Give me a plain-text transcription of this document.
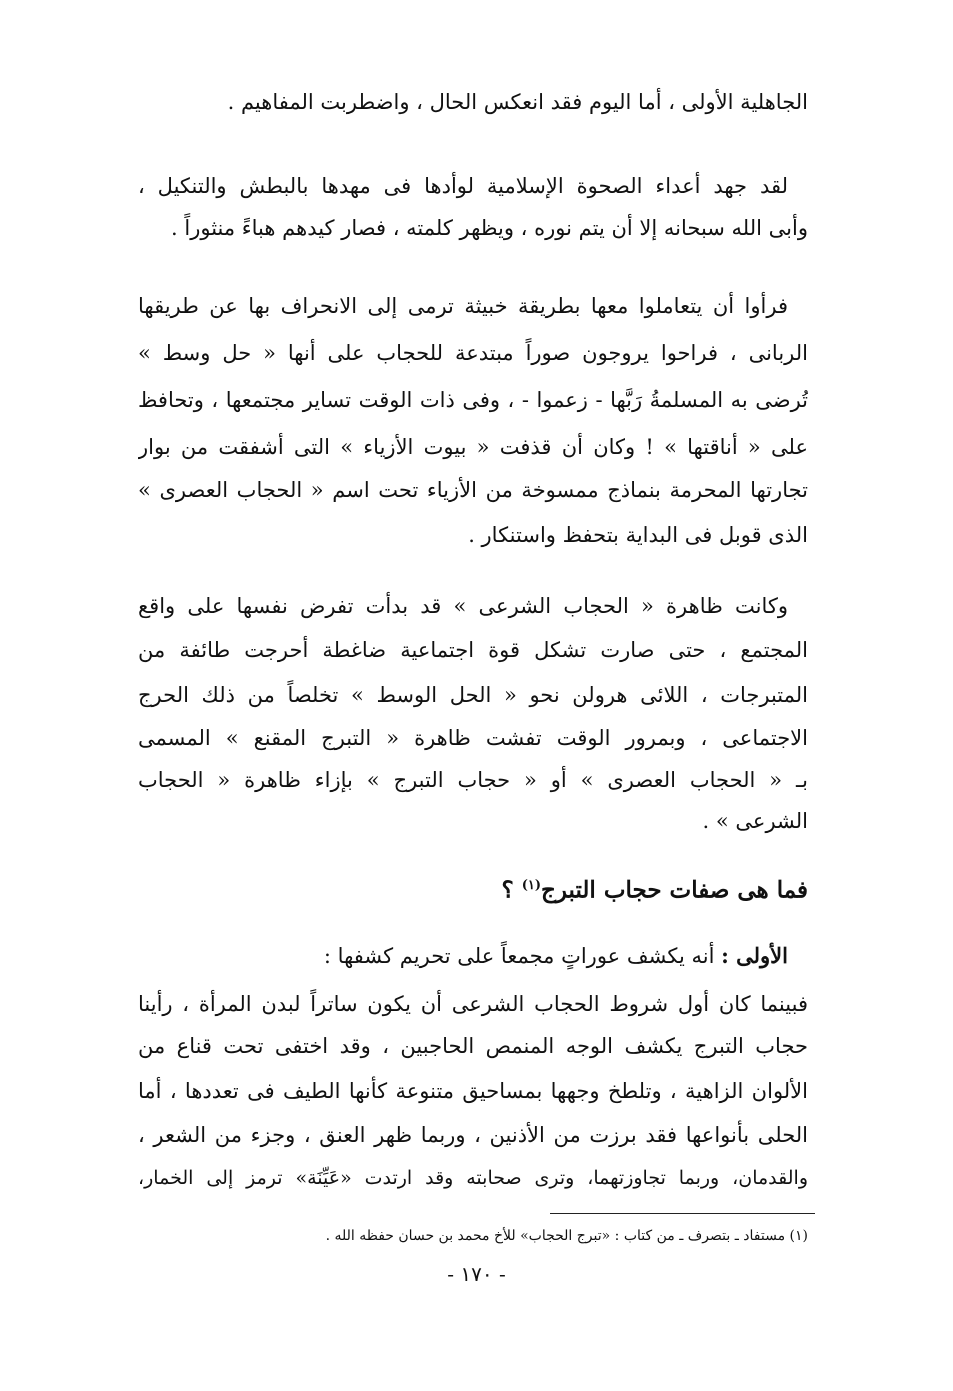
الجاهلية الأولى ، أما اليوم فقد انعكس الحال ، واضطربت المفاهيم .
لقد جهد أعداء الصحوة الإسلامية لوأدها فى مهدها بالبطش والتنكيل ،
وأبى الله سبحانه إلا أن يتم نوره ، ويظهر كلمته ، فصار كيدهم هباءً منثوراً .
فرأوا أن يتعاملوا معها بطريقة خبيثة ترمى إلى الانحراف بها عن طريقها
الربانى ، فراحوا يروجون صوراً مبتدعة للحجاب على أنها « حل وسط »
تُرضى به المسلمةُ رَبَّها - زعموا - ، وفى ذات الوقت تساير مجتمعها ، وتحافظ
على « أناقتها » ! وكان أن قذفت « بيوت الأزياء » التى أشفقت من بوار
تجارتها المحرمة بنماذج ممسوخة من الأزياء تحت اسم « الحجاب العصرى »
الذى قوبل فى البداية بتحفظ واستنكار .
وكانت ظاهرة « الحجاب الشرعى » قد بدأت تفرض نفسها على واقع
المجتمع ، حتى صارت تشكل قوة اجتماعية ضاغطة أحرجت طائفة من
المتبرجات ، اللائى هرولن نحو « الحل الوسط » تخلصاً من ذلك الحرج
الاجتماعى ، وبمرور الوقت تفشت ظاهرة « التبرج المقنع » المسمى
بـ « الحجاب العصرى » أو « حجاب التبرج » بإزاء ظاهرة « الحجاب
الشرعى » .
فما هى صفات حجاب التبرج$^{(١)}$ ؟
الأولى : أنه يكشف عوراتٍ مجمعاً على تحريم كشفها :
فبينما كان أول شروط الحجاب الشرعى أن يكون ساتراً لبدن المرأة ، رأينا
حجاب التبرج يكشف الوجه المنمص الحاجبين ، وقد اختفى تحت قناع من
الألوان الزاهية ، وتلطخ وجهها بمساحيق متنوعة كأنها الطيف فى تعددها ، أما
الحلى بأنواعها فقد برزت من الأذنين ، وربما ظهر العنق ، وجزء من الشعر ،
والقدمان، وربما تجاوزتهما، وترى صحابته وقد ارتدت «عَيِّنَة» ترمز إلى الخمار،
(١) مستفاد ـ بتصرف ـ من كتاب : «تبرج الحجاب» للأخ محمد بن حسان حفظه الله .
- ١٧٠ -
